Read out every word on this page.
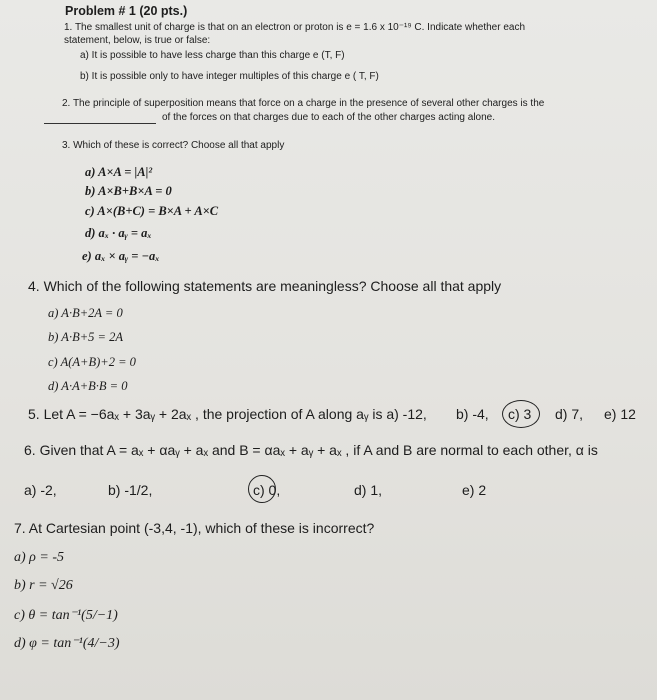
Problem # 1 (20 pts.)
1. The smallest unit of charge is that on an electron or proton is e = 1.6 x 10⁻¹⁹ C. Indicate whether each
statement, below, is true or false:
a) It is possible to have less charge than this charge e (T, F)
b) It is possible only to have integer multiples of this charge e ( T, F)
2. The principle of superposition means that force on a charge in the presence of several other charges is the
of the forces on that charges due to each of the other charges acting alone.
3. Which of these is correct? Choose all that apply
a) A×A = |A|²
b) A×B+B×A = 0
c) A×(B+C) = B×A + A×C
d) aₓ · aᵧ = aₓ
e) aₓ × aᵧ = −aₓ
4. Which of the following statements are meaningless? Choose all that apply
a) A·B+2A = 0
b) A·B+5 = 2A
c) A(A+B)+2 = 0
d) A·A+B·B = 0
5. Let A = −6aₓ + 3aᵧ + 2aₓ , the projection of A along aᵧ is a) -12, b) -4, c) 3 d) 7, e) 12
6. Given that A = aₓ + αaᵧ + aₓ and B = αaₓ + aᵧ + aₓ , if A and B are normal to each other, α is
a) -2,	b) -1/2,	c) 0,	d) 1,	e) 2
7. At Cartesian point (-3,4, -1), which of these is incorrect?
a) ρ = -5
b) r = √26
c) θ = tan⁻¹(5/−1)
d) φ = tan⁻¹(4/−3)
